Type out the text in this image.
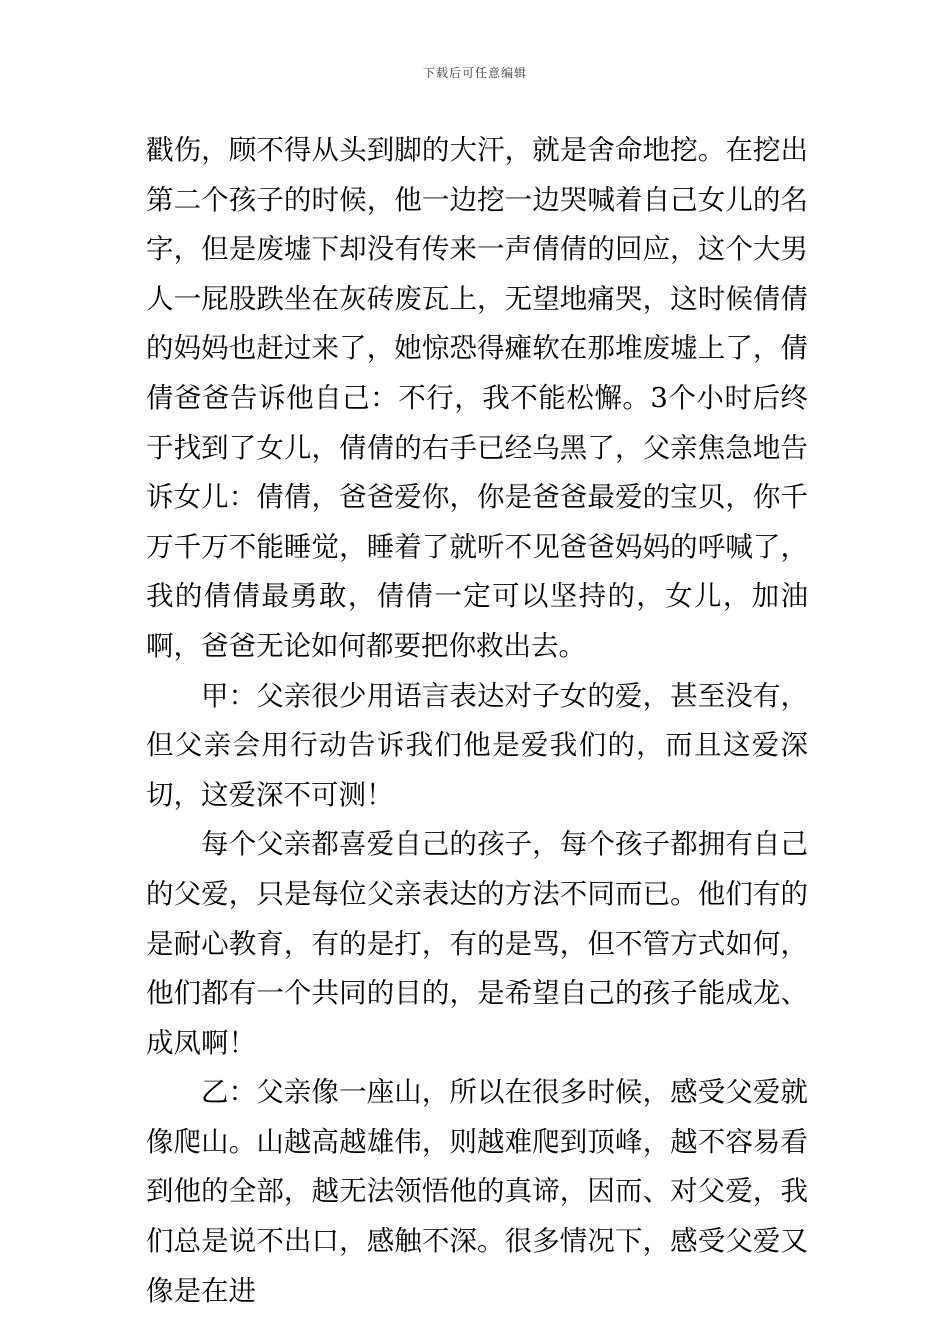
下载后可任意编辑

戳伤，顾不得从头到脚的大汗，就是舍命地挖。在挖出第二个孩子的时候，他一边挖一边哭喊着自己女儿的名字，但是废墟下却没有传来一声倩倩的回应，这个大男人一屁股跌坐在灰砖废瓦上，无望地痛哭，这时候倩倩的妈妈也赶过来了，她惊恐得瘫软在那堆废墟上了，倩倩爸爸告诉他自己：不行，我不能松懈。3个小时后终于找到了女儿，倩倩的右手已经乌黑了，父亲焦急地告诉女儿：倩倩，爸爸爱你，你是爸爸最爱的宝贝，你千万千万不能睡觉，睡着了就听不见爸爸妈妈的呼喊了，我的倩倩最勇敢，倩倩一定可以坚持的，女儿，加油啊，爸爸无论如何都要把你救出去。

甲：父亲很少用语言表达对子女的爱，甚至没有，但父亲会用行动告诉我们他是爱我们的，而且这爱深切，这爱深不可测！

每个父亲都喜爱自己的孩子，每个孩子都拥有自己的父爱，只是每位父亲表达的方法不同而已。他们有的是耐心教育，有的是打，有的是骂，但不管方式如何，他们都有一个共同的目的，是希望自己的孩子能成龙、成凤啊！

乙：父亲像一座山，所以在很多时候，感受父爱就像爬山。山越高越雄伟，则越难爬到顶峰，越不容易看到他的全部，越无法领悟他的真谛，因而、对父爱，我们总是说不出口，感触不深。很多情况下，感受父爱又像是在进
